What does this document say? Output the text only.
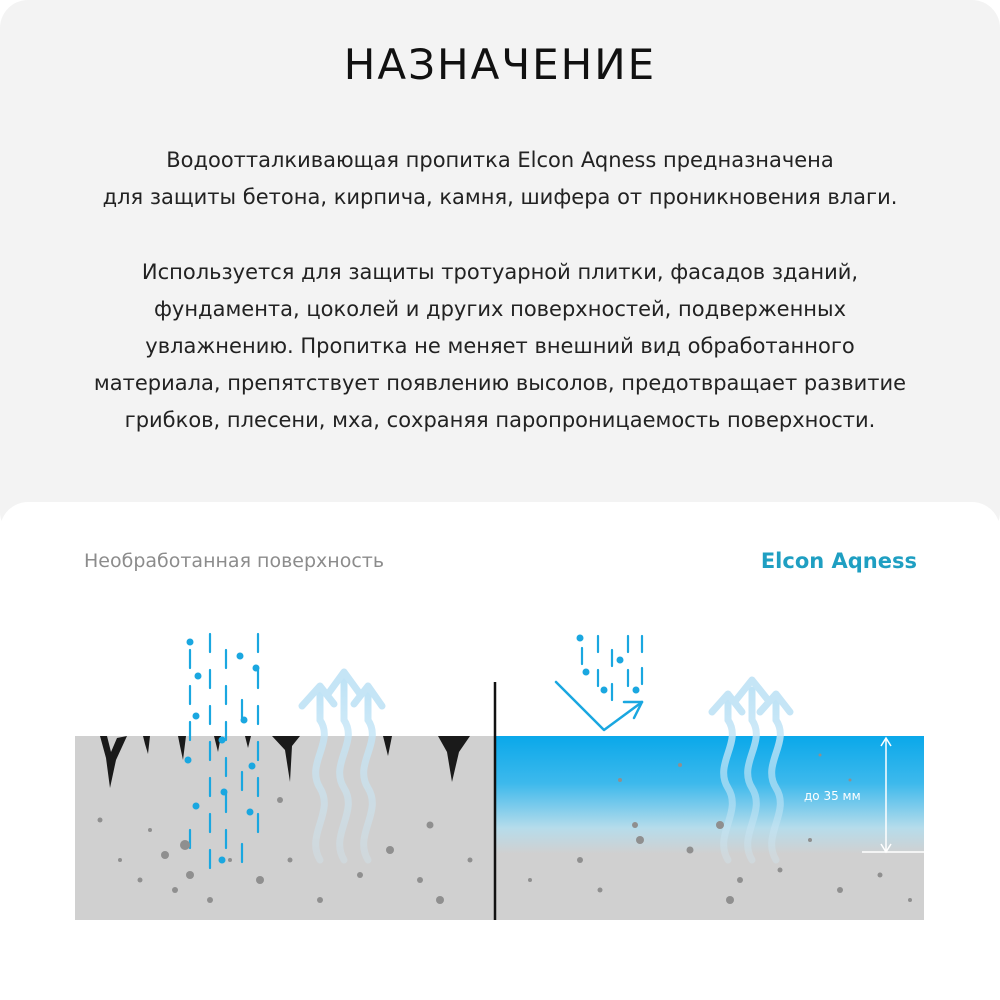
НАЗНАЧЕНИЕ
Водоотталкивающая пропитка Elcon Aqness предназначена
для защиты бетона, кирпича, камня, шифера от проникновения влаги.
Используется для защиты тротуарной плитки, фасадов зданий,
фундамента, цоколей и других поверхностей, подверженных
увлажнению. Пропитка не меняет внешний вид обработанного
материала, препятствует появлению высолов, предотвращает развитие
грибков, плесени, мха, сохраняя паропроницаемость поверхности.
Необработанная поверхность	Elcon Aqness
до 35 мм
